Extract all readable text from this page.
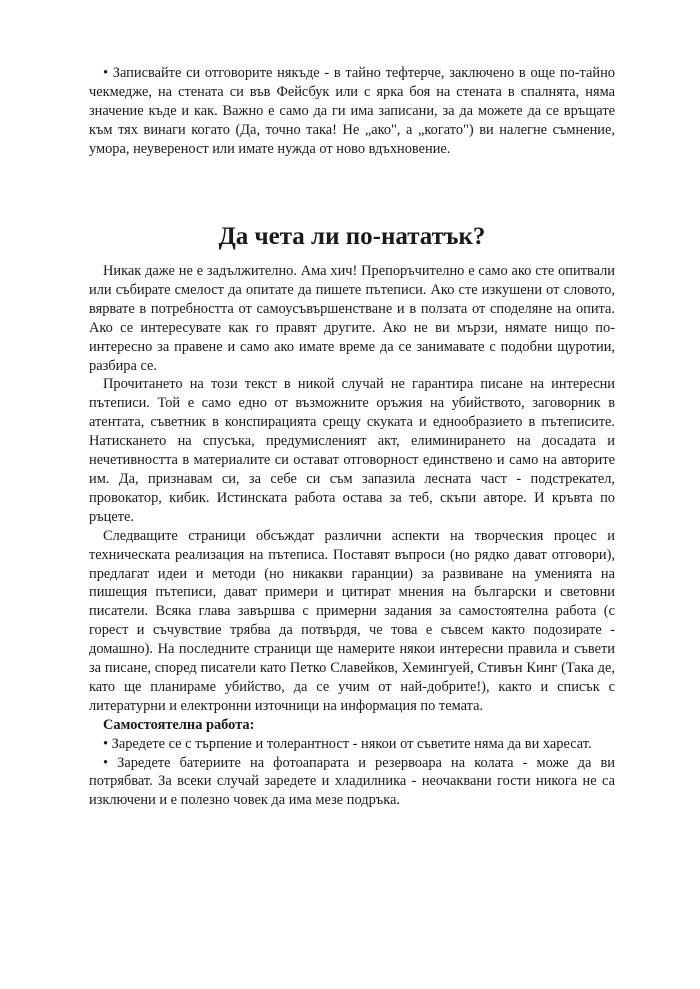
• Записвайте си отговорите някъде - в тайно тефтерче, заключено в още по-тайно чекмедже, на стената си във Фейсбук или с ярка боя на стената в спалнята, няма значение къде и как. Важно е само да ги има записани, за да можете да се връщате към тях винаги когато (Да, точно така! Не „ако", а „когато") ви налегне съмнение, умора, неувереност или имате нужда от ново вдъхновение.

Да чета ли по-нататък?

Никак даже не е задължително. Ама хич! Препоръчително е само ако сте опитвали или събирате смелост да опитате да пишете пътеписи. Ако сте изкушени от словото, вярвате в потребността от самоусъвършенстване и в ползата от споделяне на опита. Ако се интересувате как го правят другите. Ако не ви мързи, нямате нищо по-интересно за правене и само ако имате време да се занимавате с подобни щуротии, разбира се.

Прочитането на този текст в никой случай не гарантира писане на интересни пътеписи. Той е само едно от възможните оръжия на убийството, заговорник в атентата, съветник в конспирацията срещу скуката и еднообразието в пътеписите. Натискането на спусъка, предумисленият акт, елиминирането на досадата и нечетивността в материалите си остават отговорност единствено и само на авторите им. Да, признавам си, за себе си съм запазила лесната част - подстрекател, провокатор, кибик. Истинската работа остава за теб, скъпи авторе. И кръвта по ръцете.

Следващите страници обсъждат различни аспекти на творческия процес и техническата реализация на пътеписа. Поставят въпроси (но рядко дават отговори), предлагат идеи и методи (но никакви гаранции) за развиване на уменията на пишещия пътеписи, дават примери и цитират мнения на български и световни писатели. Всяка глава завършва с примерни задания за самостоятелна работа (с горест и съчувствие трябва да потвърдя, че това е съвсем както подозирате - домашно). На последните страници ще намерите някои интересни правила и съвети за писане, според писатели като Петко Славейков, Хемингуей, Стивън Кинг (Така де, като ще планираме убийство, да се учим от най-добрите!), както и списък с литературни и електронни източници на информация по темата.

Самостоятелна работа:

• Заредете се с търпение и толерантност - някои от съветите няма да ви харесат.

• Заредете батериите на фотоапарата и резервоара на колата - може да ви потрябват. За всеки случай заредете и хладилника - неочаквани гости никога не са изключени и е полезно човек да има мезе подръка.
